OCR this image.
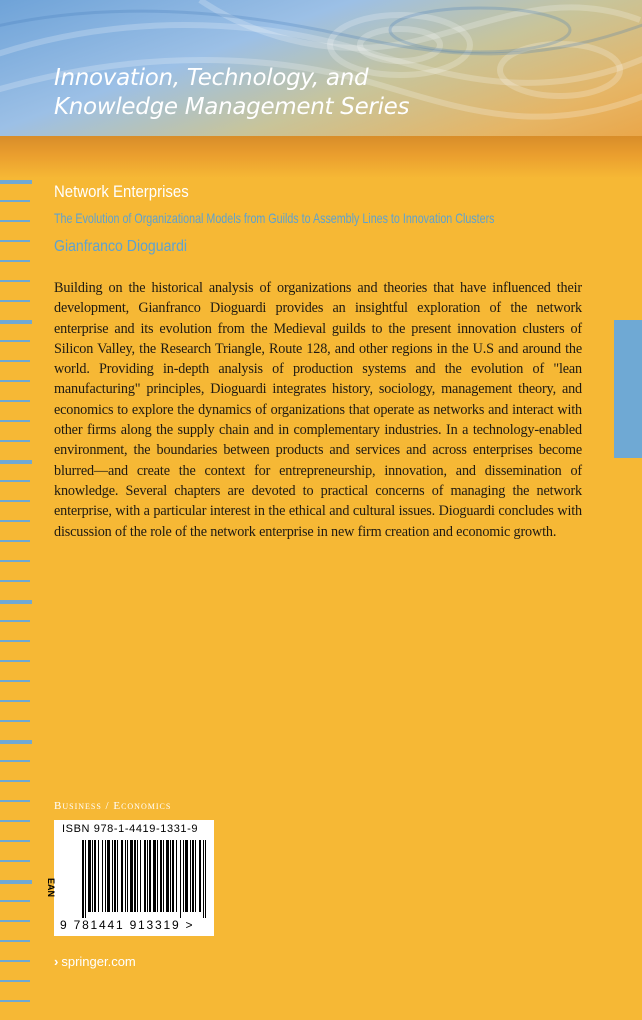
Innovation, Technology, and
Knowledge Management Series
Network Enterprises

The Evolution of Organizational Models from Guilds to Assembly Lines to Innovation Clusters

Gianfranco Dioguardi

Building on the historical analysis of organizations and theories that have influenced their development, Gianfranco Dioguardi provides an insightful exploration of the network enterprise and its evolution from the Medieval guilds to the present innovation clusters of Silicon Valley, the Research Triangle, Route 128, and other regions in the U.S and around the world. Providing in-depth analysis of production systems and the evolution of "lean manufacturing" principles, Dioguardi integrates history, sociology, management theory, and economics to explore the dynamics of organizations that operate as networks and interact with other firms along the supply chain and in complementary industries. In a technology-enabled environment, the boundaries between products and services and across enterprises become blurred—and create the context for entrepreneurship, innovation, and dissemination of knowledge. Several chapters are devoted to practical concerns of managing the network enterprise, with a particular interest in the ethical and cultural issues. Dioguardi concludes with discussion of the role of the network enterprise in new firm creation and economic growth.

Business / Economics

ISBN 978-1-4419-1331-9
EAN
9 781441 913319 >

› springer.com
